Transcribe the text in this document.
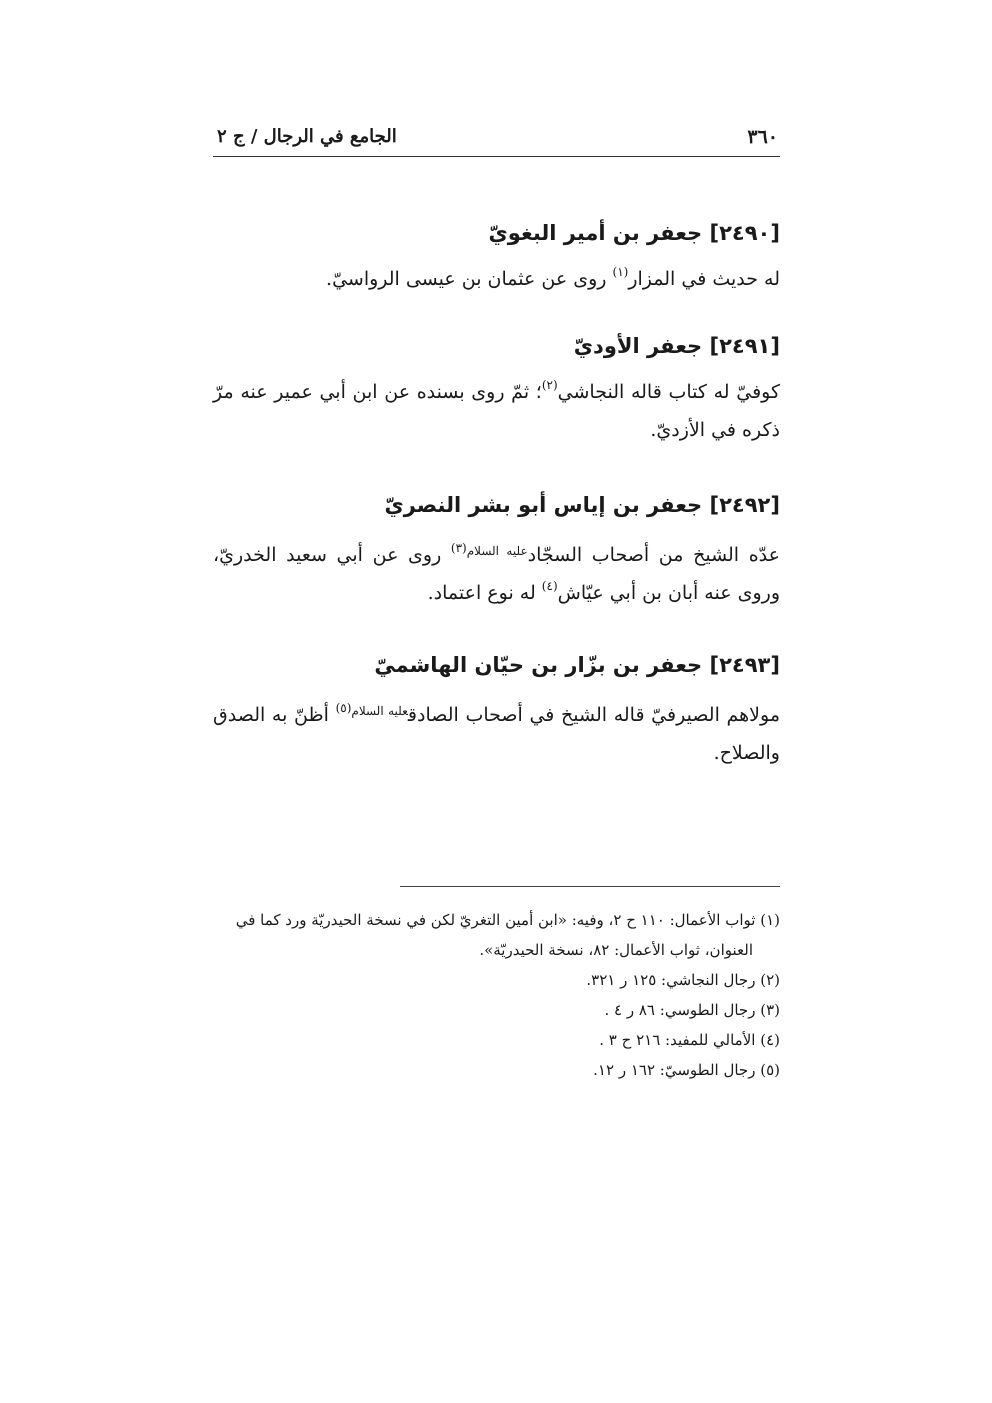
٣٦٠
الجامع في الرجال / ج ٢
[٢٤٩٠] جعفر بن أمير البغويّ
له حديث في المزار$^{(١)}$ روى عن عثمان بن عيسى الرواسيّ.
[٢٤٩١] جعفر الأوديّ
كوفيّ له كتاب قاله النجاشي$^{(٢)}$؛ ثمّ روى بسنده عن ابن أبي عمير عنه مرّ ذكره في الأزديّ.
[٢٤٩٢] جعفر بن إياس أبو بشر النصريّ
عدّه الشيخ من أصحاب السجّاد$^{عليه السلام(٣)}$ روى عن أبي سعيد الخدريّ، وروى عنه أبان بن أبي عيّاش$^{(٤)}$ له نوع اعتماد.
[٢٤٩٣] جعفر بن بزّار بن حيّان الهاشميّ
مولاهم الصيرفيّ قاله الشيخ في أصحاب الصادق$^{عليه السلام(٥)}$ أظنّ به الصدق والصلاح.

(١) ثواب الأعمال: ١١٠ ح ٢، وفيه: «ابن أمين التغريّ لكن في نسخة الحيدريّة ورد كما في

العنوان، ثواب الأعمال: ٨٢، نسخة الحيدريّة».

(٢) رجال النجاشي: ١٢٥ ر ٣٢١.

(٣) رجال الطوسي: ٨٦ ر ٤ .

(٤) الأمالي للمفيد: ٢١٦ ح ٣ .

(٥) رجال الطوسيّ: ١٦٢ ر ١٢.
